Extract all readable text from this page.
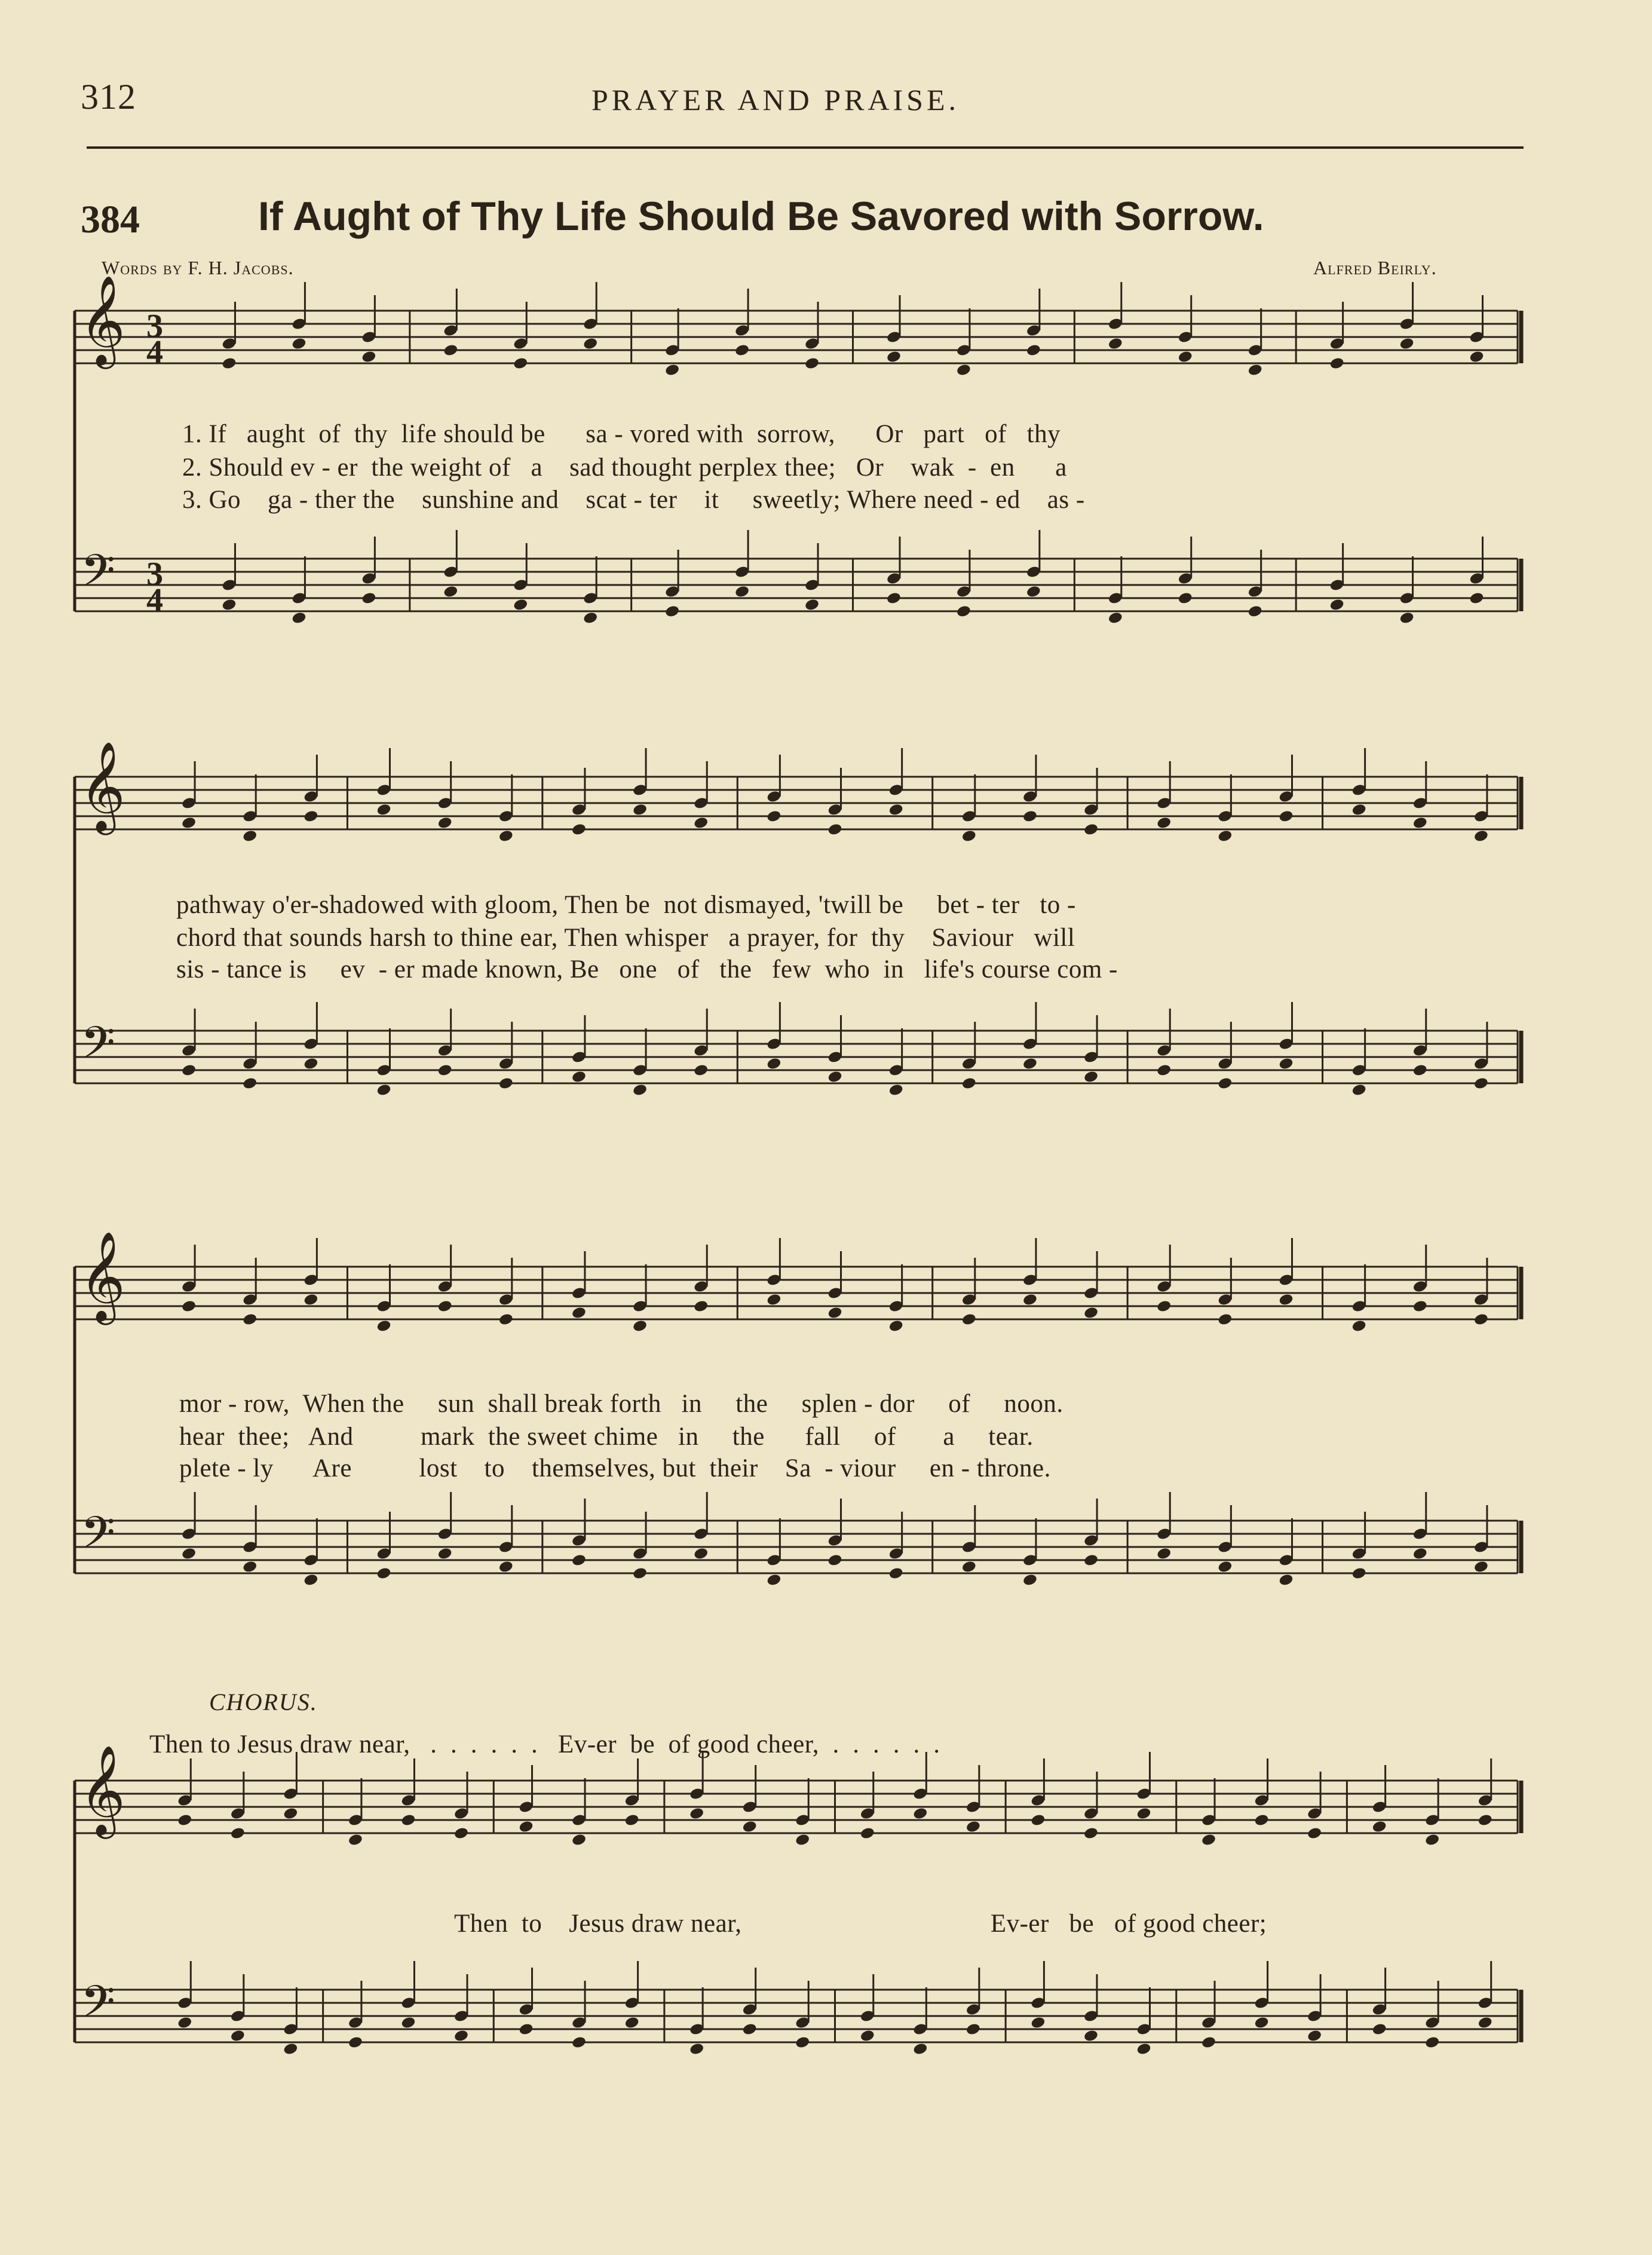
312	PRAYER AND PRAISE.
384	If Aught of Thy Life Should Be Savored with Sorrow.
Words by F. H. Jacobs.	Alfred Beirly.
𝄞
𝄢
3
4
3
4
𝄞
𝄢
𝄞
𝄢
𝄞
𝄢
1. If   aught  of  thy  life should be      sa - vored with  sorrow,      Or   part   of   thy
2. Should ev - er  the weight of   a    sad thought perplex thee;   Or    wak  -  en      a
3. Go    ga - ther the    sunshine and    scat - ter    it     sweetly; Where need - ed    as -
pathway o'er-shadowed with gloom, Then be  not dismayed, 'twill be     bet - ter   to -
chord that sounds harsh to thine ear, Then whisper   a prayer, for  thy    Saviour   will
sis - tance is     ev  - er made known, Be   one   of   the   few  who  in   life's course com -
mor - row,  When the     sun  shall break forth   in     the     splen - dor     of     noon.
hear  thee;   And          mark  the sweet chime   in     the      fall     of       a     tear.
plete - ly      Are          lost    to    themselves, but  their    Sa  - viour     en - throne.
CHORUS.
Then to Jesus draw near,   .  .  .  .  .  .   Ev-er  be  of good cheer,  .  .  .  .  .  .
Then  to    Jesus draw near,                                     Ev-er   be   of good cheer;
